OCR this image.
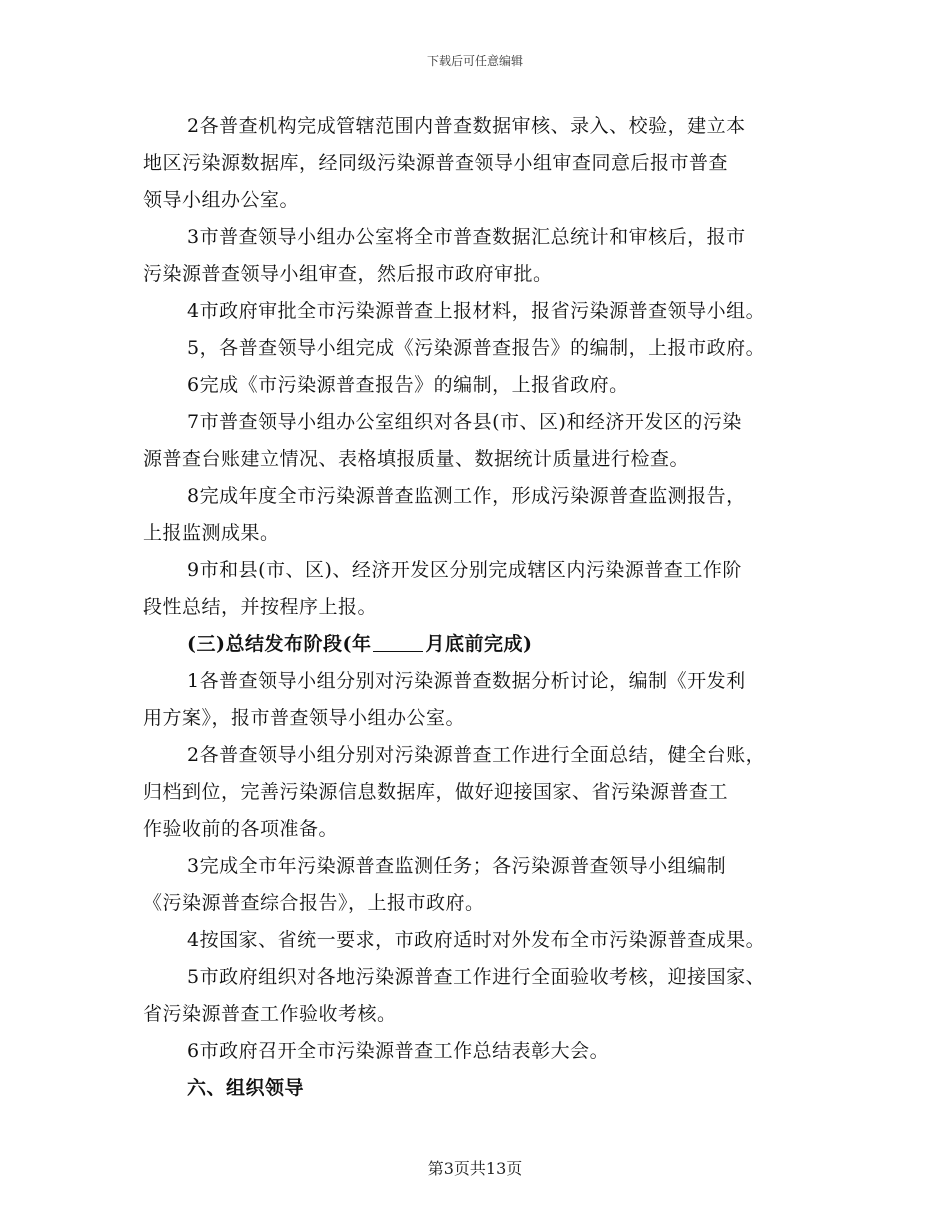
下载后可任意编辑
2各普查机构完成管辖范围内普查数据审核、录入、校验，建立本
地区污染源数据库，经同级污染源普查领导小组审查同意后报市普查
领导小组办公室。
3市普查领导小组办公室将全市普查数据汇总统计和审核后，报市
污染源普查领导小组审查，然后报市政府审批。
4市政府审批全市污染源普查上报材料，报省污染源普查领导小组。
5，各普查领导小组完成《污染源普查报告》的编制，上报市政府。
6完成《市污染源普查报告》的编制，上报省政府。
7市普查领导小组办公室组织对各县(市、区)和经济开发区的污染
源普查台账建立情况、表格填报质量、数据统计质量进行检查。
8完成年度全市污染源普查监测工作，形成污染源普查监测报告，
上报监测成果。
9市和县(市、区)、经济开发区分别完成辖区内污染源普查工作阶
段性总结，并按程序上报。
(三)总结发布阶段(年	月底前完成)
1各普查领导小组分别对污染源普查数据分析讨论，编制《开发利
用方案》，报市普查领导小组办公室。
2各普查领导小组分别对污染源普查工作进行全面总结，健全台账，
归档到位，完善污染源信息数据库，做好迎接国家、省污染源普查工
作验收前的各项准备。
3完成全市年污染源普查监测任务；各污染源普查领导小组编制
《污染源普查综合报告》，上报市政府。
4按国家、省统一要求，市政府适时对外发布全市污染源普查成果。
5市政府组织对各地污染源普查工作进行全面验收考核，迎接国家、
省污染源普查工作验收考核。
6市政府召开全市污染源普查工作总结表彰大会。
六、组织领导
第3页共13页
